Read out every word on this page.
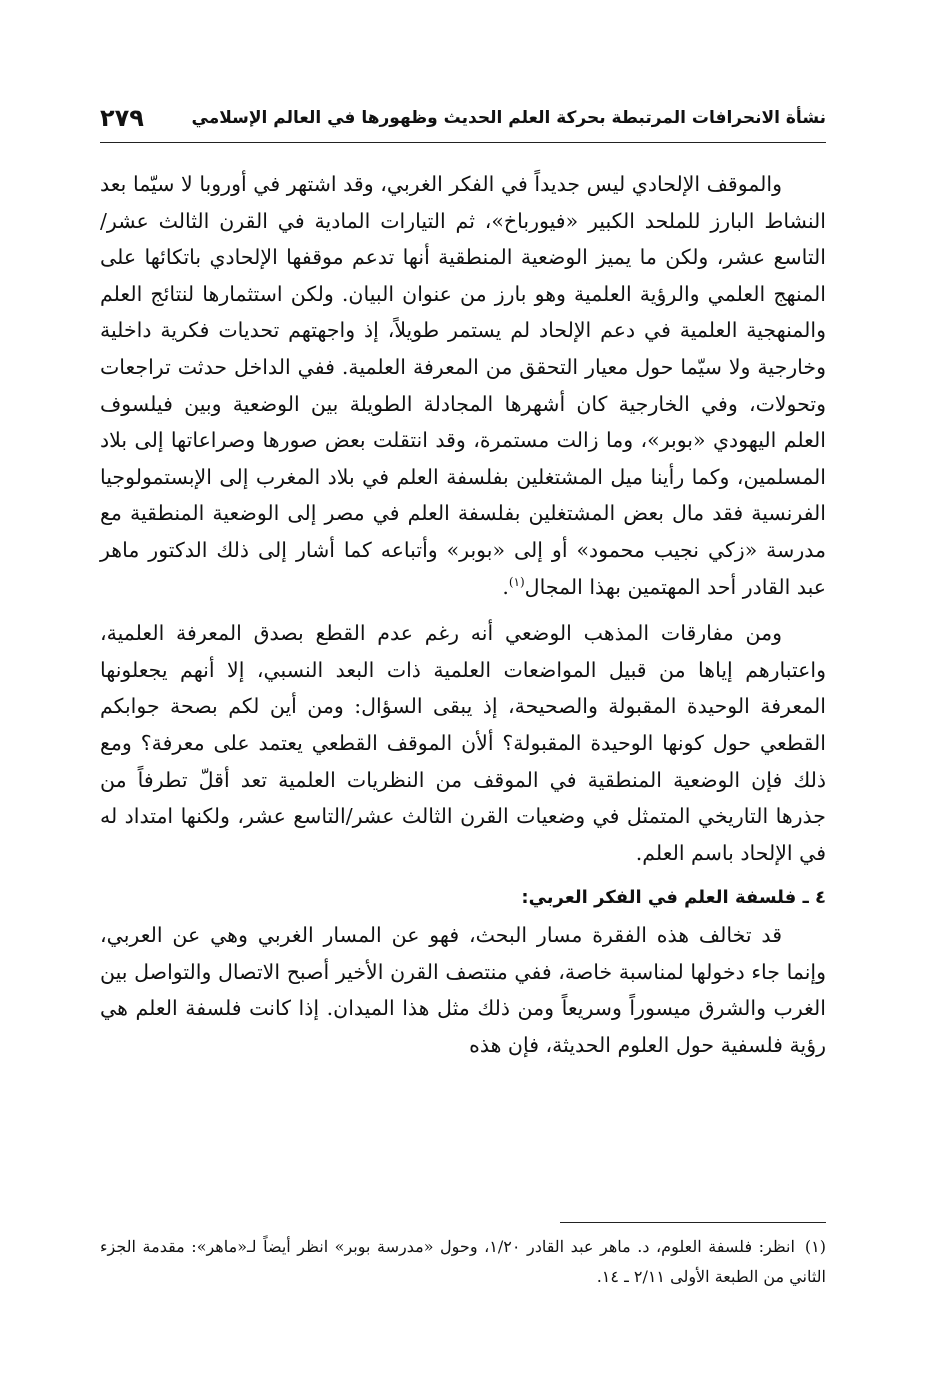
نشأة الانحرافات المرتبطة بحركة العلم الحديث وظهورها في العالم الإسلامي
٢٧٩

والموقف الإلحادي ليس جديداً في الفكر الغربي، وقد اشتهر في أوروبا لا سيّما بعد النشاط البارز للملحد الكبير «فيورباخ»، ثم التيارات المادية في القرن الثالث عشر/التاسع عشر، ولكن ما يميز الوضعية المنطقية أنها تدعم موقفها الإلحادي باتكائها على المنهج العلمي والرؤية العلمية وهو بارز من عنوان البيان. ولكن استثمارها لنتائج العلم والمنهجية العلمية في دعم الإلحاد لم يستمر طويلاً، إذ واجهتهم تحديات فكرية داخلية وخارجية ولا سيّما حول معيار التحقق من المعرفة العلمية. ففي الداخل حدثت تراجعات وتحولات، وفي الخارجية كان أشهرها المجادلة الطويلة بين الوضعية وبين فيلسوف العلم اليهودي «بوبر»، وما زالت مستمرة، وقد انتقلت بعض صورها وصراعاتها إلى بلاد المسلمين، وكما رأينا ميل المشتغلين بفلسفة العلم في بلاد المغرب إلى الإبستمولوجيا الفرنسية فقد مال بعض المشتغلين بفلسفة العلم في مصر إلى الوضعية المنطقية مع مدرسة «زكي نجيب محمود» أو إلى «بوبر» وأتباعه كما أشار إلى ذلك الدكتور ماهر عبد القادر أحد المهتمين بهذا المجال$^{(١)}$.

ومن مفارقات المذهب الوضعي أنه رغم عدم القطع بصدق المعرفة العلمية، واعتبارهم إياها من قبيل المواضعات العلمية ذات البعد النسبي، إلا أنهم يجعلونها المعرفة الوحيدة المقبولة والصحيحة، إذ يبقى السؤال: ومن أين لكم بصحة جوابكم القطعي حول كونها الوحيدة المقبولة؟ ألأن الموقف القطعي يعتمد على معرفة؟ ومع ذلك فإن الوضعية المنطقية في الموقف من النظريات العلمية تعد أقلّ تطرفاً من جذرها التاريخي المتمثل في وضعيات القرن الثالث عشر/التاسع عشر، ولكنها امتداد له في الإلحاد باسم العلم.

٤ ـ فلسفة العلم في الفكر العربي:

قد تخالف هذه الفقرة مسار البحث، فهو عن المسار الغربي وهي عن العربي، وإنما جاء دخولها لمناسبة خاصة، ففي منتصف القرن الأخير أصبح الاتصال والتواصل بين الغرب والشرق ميسوراً وسريعاً ومن ذلك مثل هذا الميدان. إذا كانت فلسفة العلم هي رؤية فلسفية حول العلوم الحديثة، فإن هذه

(١)انظر: فلسفة العلوم، د. ماهر عبد القادر ١/٢٠، وحول «مدرسة بوبر» انظر أيضاً لـ«ماهر»: مقدمة الجزء الثاني من الطبعة الأولى ٢/١١ ـ ١٤.
